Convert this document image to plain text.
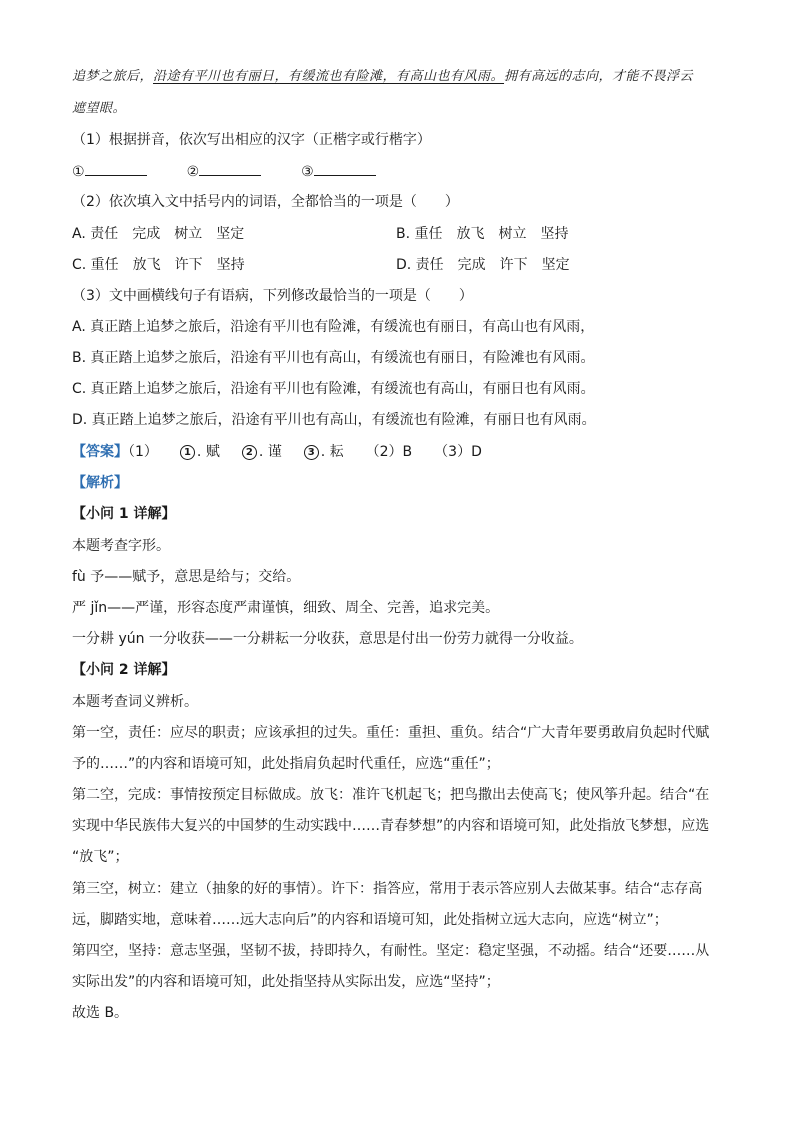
追梦之旅后，沿途有平川也有丽日，有缓流也有险滩，有高山也有风雨。拥有高远的志向，才能不畏浮云
遮望眼。
（1）根据拼音，依次写出相应的汉字（正楷字或行楷字）
①	②	③
（2）依次填入文中括号内的词语，全都恰当的一项是（　　）
A. 责任　完成　树立　坚定	B. 重任　放飞　树立　坚持
C. 重任　放飞　许下　坚持	D. 责任　完成　许下　坚定
（3）文中画横线句子有语病，下列修改最恰当的一项是（　　）
A. 真正踏上追梦之旅后，沿途有平川也有险滩，有缓流也有丽日，有高山也有风雨，
B. 真正踏上追梦之旅后，沿途有平川也有高山，有缓流也有丽日，有险滩也有风雨。
C. 真正踏上追梦之旅后，沿途有平川也有险滩，有缓流也有高山，有丽日也有风雨。
D. 真正踏上追梦之旅后，沿途有平川也有高山，有缓流也有险滩，有丽日也有风雨。
【答案】（1）	1 . 赋	2 . 谨	3 . 耘 （2）B （3）D
【解析】
【小问 1 详解】
本题考查字形。
fù 予——赋予，意思是给与；交给。
严 jǐn——严谨，形容态度严肃谨慎，细致、周全、完善，追求完美。
一分耕 yún 一分收获——一分耕耘一分收获，意思是付出一份劳力就得一分收益。
【小问 2 详解】
本题考查词义辨析。
第一空，责任：应尽的职责；应该承担的过失。重任：重担、重负。结合“广大青年要勇敢肩负起时代赋
予的……”的内容和语境可知，此处指肩负起时代重任，应选“重任”；
第二空，完成：事情按预定目标做成。放飞：准许飞机起飞；把鸟撒出去使高飞；使风筝升起。结合“在
实现中华民族伟大复兴的中国梦的生动实践中……青春梦想”的内容和语境可知，此处指放飞梦想，应选
“放飞”；
第三空，树立：建立（抽象的好的事情）。许下：指答应，常用于表示答应别人去做某事。结合“志存高
远，脚踏实地，意味着……远大志向后”的内容和语境可知，此处指树立远大志向，应选“树立”；
第四空，坚持：意志坚强，坚韧不拔，持即持久，有耐性。坚定：稳定坚强，不动摇。结合“还要……从
实际出发”的内容和语境可知，此处指坚持从实际出发，应选“坚持”；
故选 B。
